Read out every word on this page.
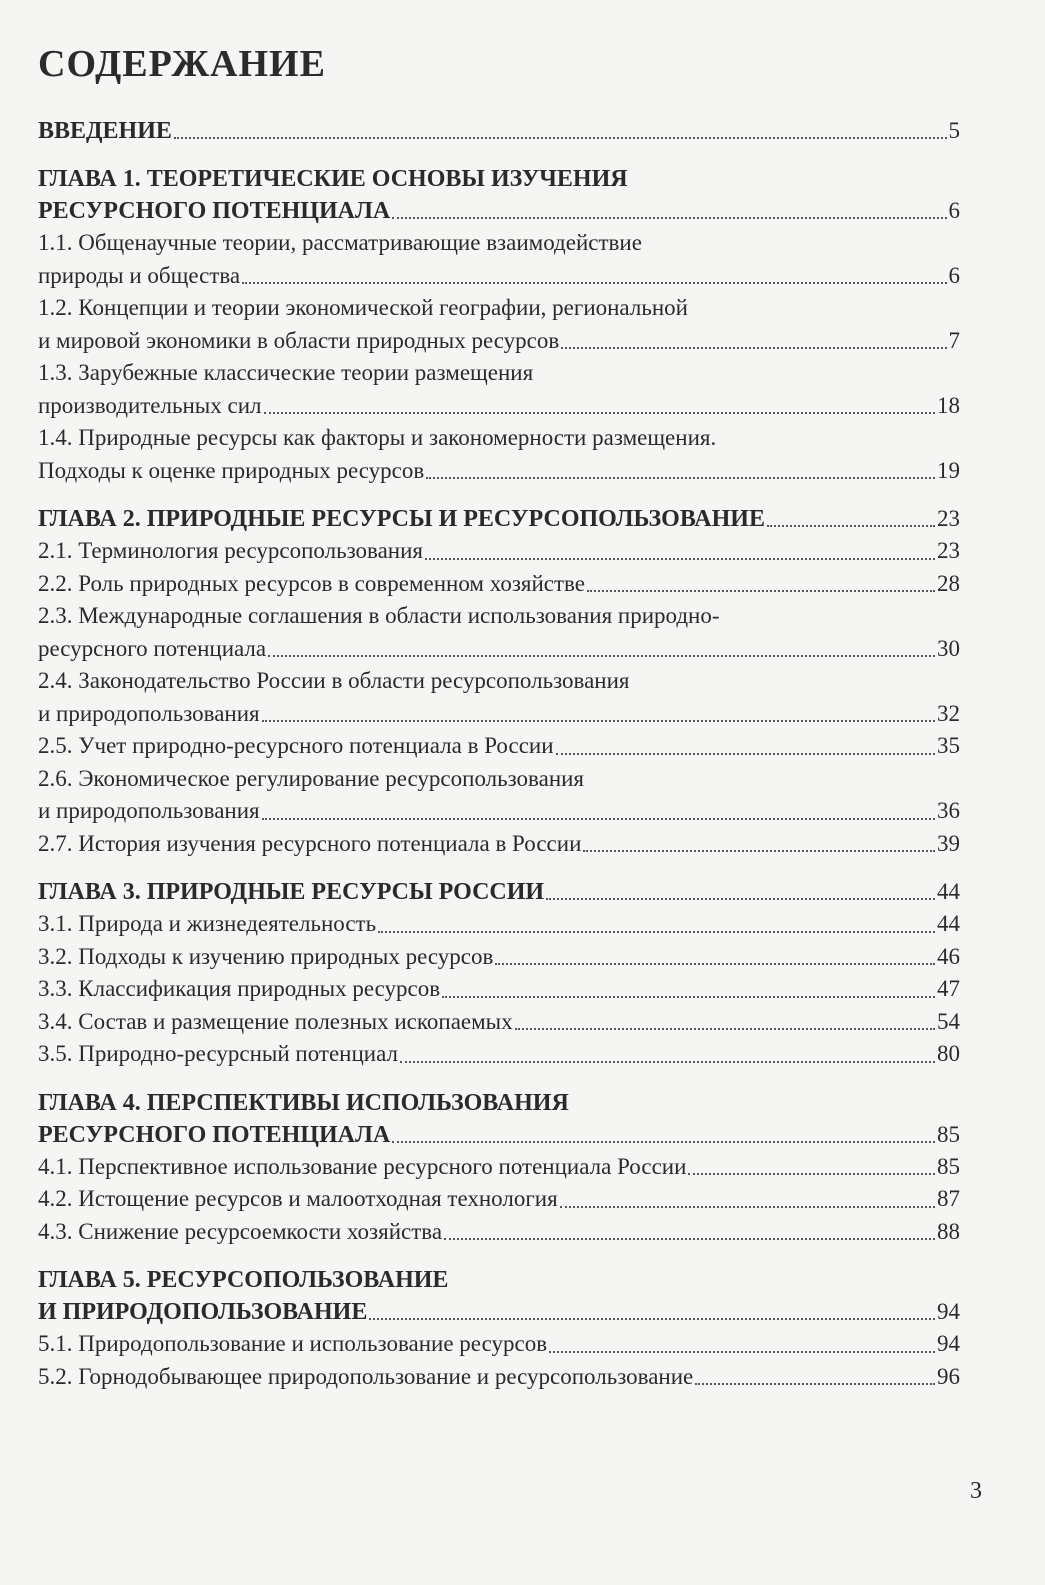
СОДЕРЖАНИЕ
ВВЕДЕНИЕ	5
ГЛАВА 1. ТЕОРЕТИЧЕСКИЕ ОСНОВЫ ИЗУЧЕНИЯ
РЕСУРСНОГО ПОТЕНЦИАЛА	6
1.1. Общенаучные теории, рассматривающие взаимодействие
природы и общества	6
1.2. Концепции и теории экономической географии, региональной
и мировой экономики в области природных ресурсов	7
1.3. Зарубежные классические теории размещения
производительных сил	18
1.4. Природные ресурсы как факторы и закономерности размещения.
Подходы к оценке природных ресурсов	19
ГЛАВА 2. ПРИРОДНЫЕ РЕСУРСЫ И РЕСУРСОПОЛЬЗОВАНИЕ	23
2.1. Терминология ресурсопользования	23
2.2. Роль природных ресурсов в современном хозяйстве	28
2.3. Международные соглашения в области использования природно-
ресурсного потенциала	30
2.4. Законодательство России в области ресурсопользования
и природопользования	32
2.5. Учет природно-ресурсного потенциала в России	35
2.6. Экономическое регулирование ресурсопользования
и природопользования	36
2.7. История изучения ресурсного потенциала в России	39
ГЛАВА 3. ПРИРОДНЫЕ РЕСУРСЫ РОССИИ	44
3.1. Природа и жизнедеятельность	44
3.2. Подходы к изучению природных ресурсов	46
3.3. Классификация природных ресурсов	47
3.4. Состав и размещение полезных ископаемых	54
3.5. Природно-ресурсный потенциал	80
ГЛАВА 4. ПЕРСПЕКТИВЫ ИСПОЛЬЗОВАНИЯ
РЕСУРСНОГО ПОТЕНЦИАЛА	85
4.1. Перспективное использование ресурсного потенциала России	85
4.2. Истощение ресурсов и малоотходная технология	87
4.3. Снижение ресурсоемкости хозяйства	88
ГЛАВА 5. РЕСУРСОПОЛЬЗОВАНИЕ
И ПРИРОДОПОЛЬЗОВАНИЕ	94
5.1. Природопользование и использование ресурсов	94
5.2. Горнодобывающее природопользование и ресурсопользование	96
3
